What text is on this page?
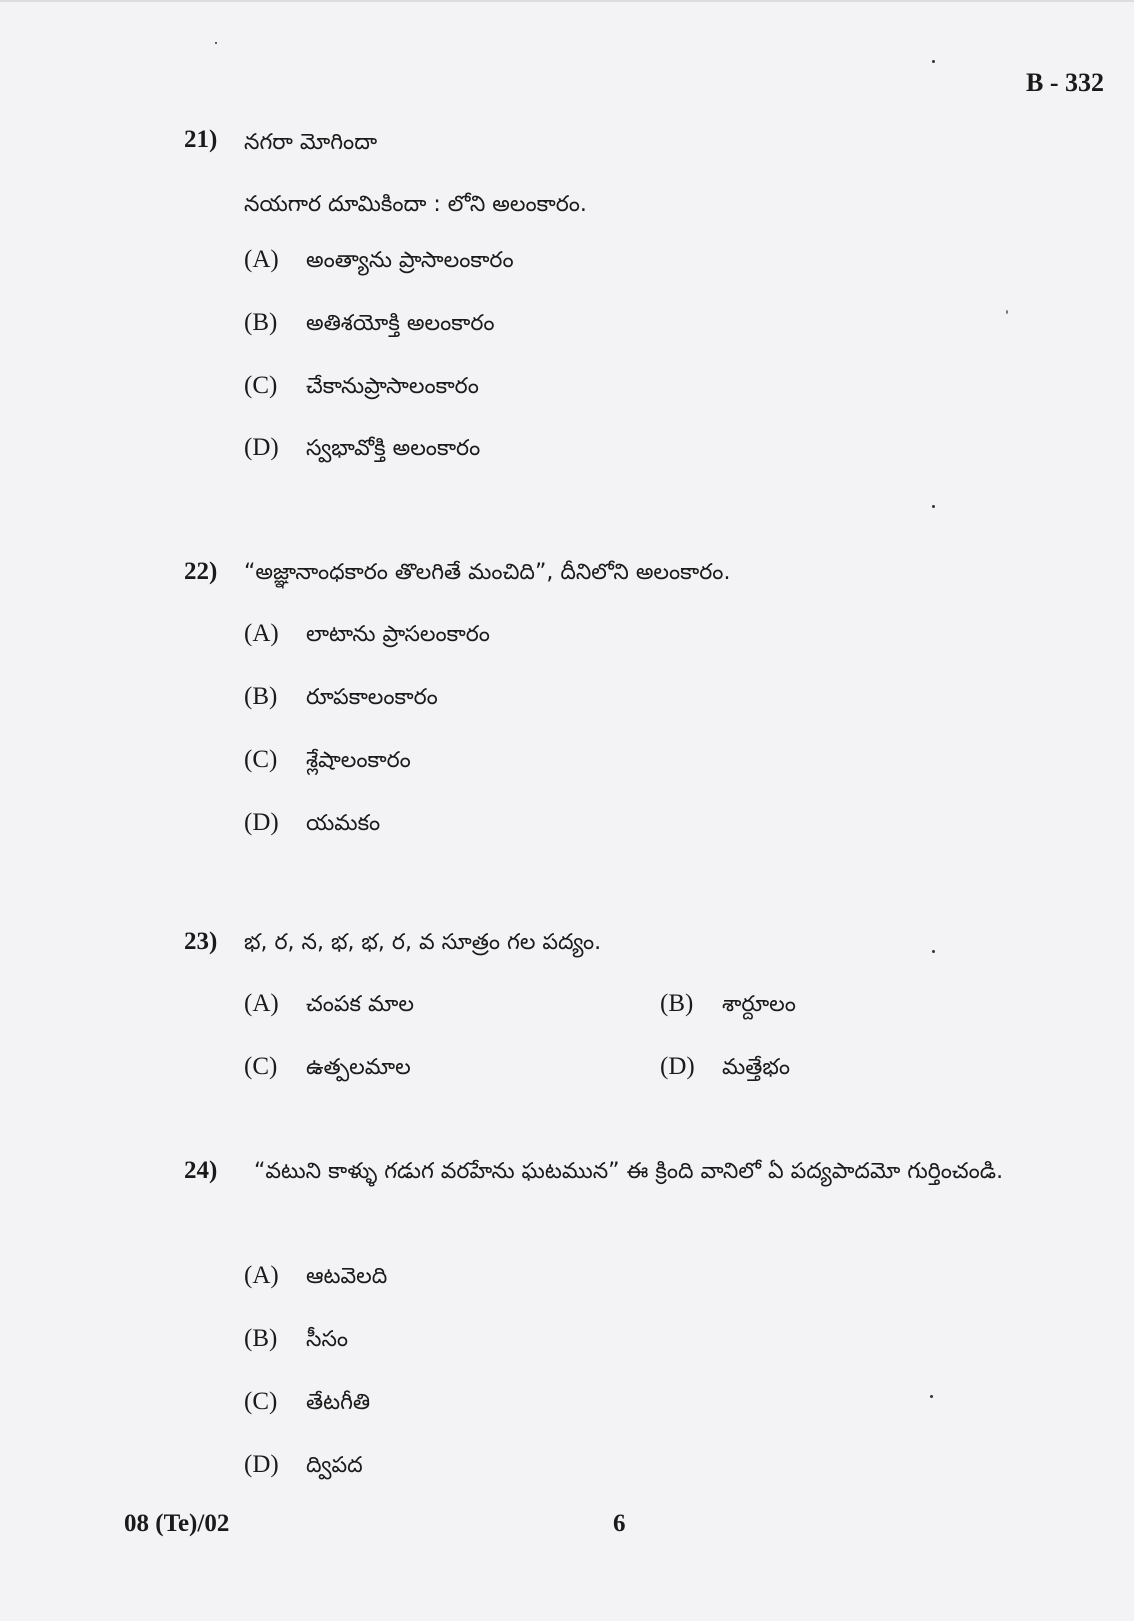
B - 332
21) నగరా మోగిందా
నయగార దూమికిందా : లోని అలంకారం.
(A) అంత్యాను ప్రాసాలంకారం
(B) అతిశయోక్తి అలంకారం
(C) చేకానుప్రాసాలంకారం
(D) స్వభావోక్తి అలంకారం
22) “అజ్ఞానాంధకారం తొలగితే మంచిది”, దీనిలోని అలంకారం.
(A) లాటాను ప్రాసలంకారం
(B) రూపకాలంకారం
(C) శ్లేషాలంకారం
(D) యమకం
23) భ, ర, న, భ, భ, ర, వ సూత్రం గల పద్యం.
(A) చంపక మాల	(B) శార్దూలం
(C) ఉత్పలమాల	(D) మత్తేభం
24)	“వటుని కాళ్ళు గడుగ వరహేను ఘటమున” ఈ క్రింది వానిలో ఏ పద్యపాదమో గుర్తించండి.
(A) ఆటవెలది
(B) సీసం
(C) తేటగీతి
(D) ద్విపద
08 (Te)/02	6
